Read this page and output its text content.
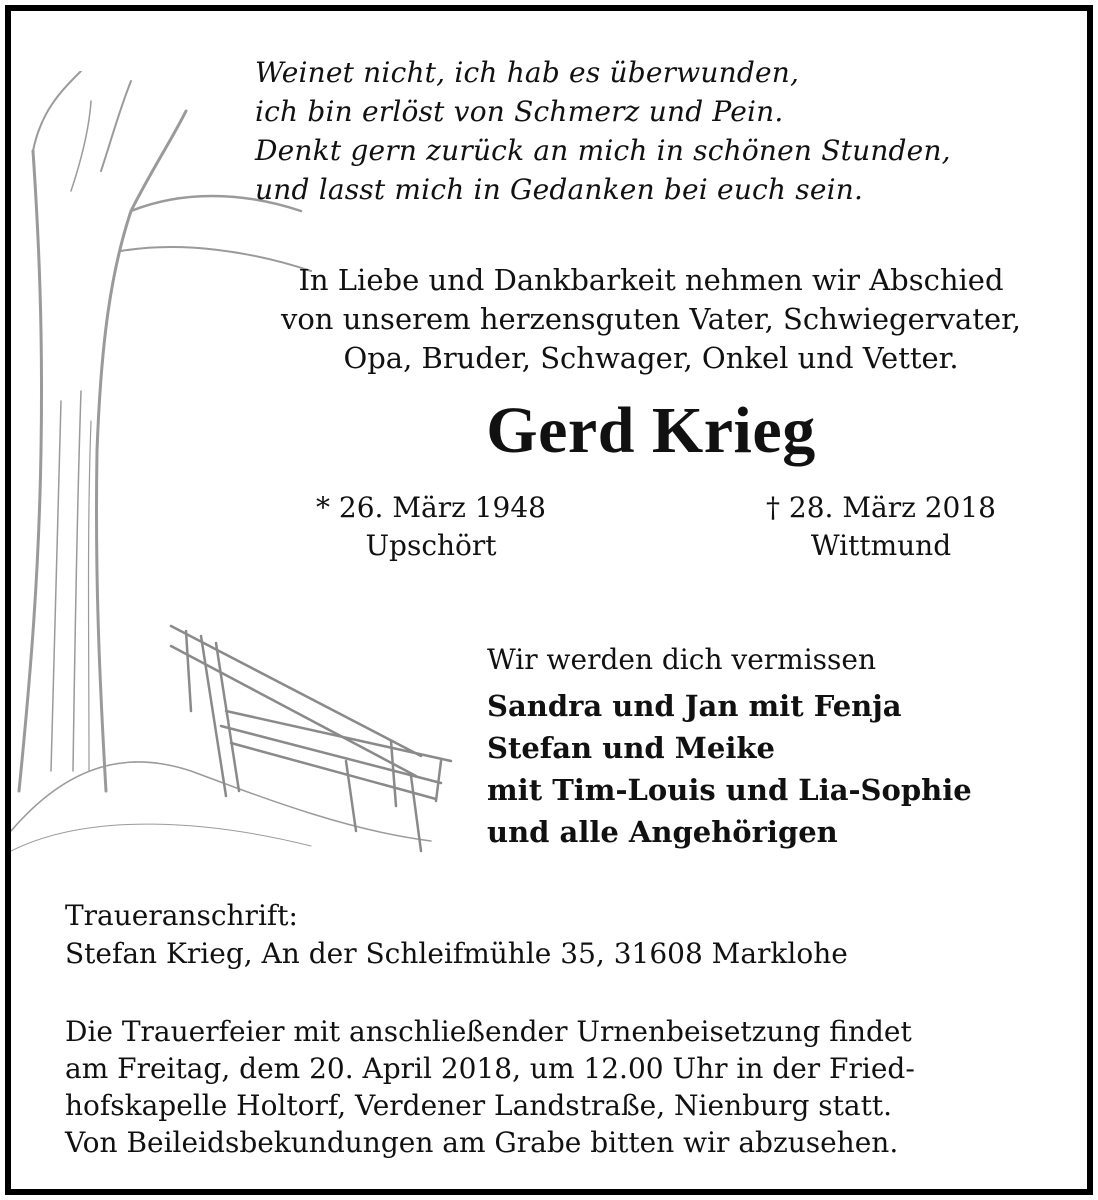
Weinet nicht, ich hab es überwunden,
ich bin erlöst von Schmerz und Pein.
Denkt gern zurück an mich in schönen Stunden,
und lasst mich in Gedanken bei euch sein.
In Liebe und Dankbarkeit nehmen wir Abschied
von unserem herzensguten Vater, Schwiegervater,
Opa, Bruder, Schwager, Onkel und Vetter.
Gerd Krieg
* 26. März 1948
Upschört
† 28. März 2018
Wittmund
Wir werden dich vermissen
Sandra und Jan mit Fenja
Stefan und Meike
mit Tim-Louis und Lia-Sophie
und alle Angehörigen
Traueranschrift:
Stefan Krieg, An der Schleifmühle 35, 31608 Marklohe
Die Trauerfeier mit anschließender Urnenbeisetzung findet
am Freitag, dem 20. April 2018, um 12.00 Uhr in der Fried-
hofskapelle Holtorf, Verdener Landstraße, Nienburg statt.
Von Beileidsbekundungen am Grabe bitten wir abzusehen.
